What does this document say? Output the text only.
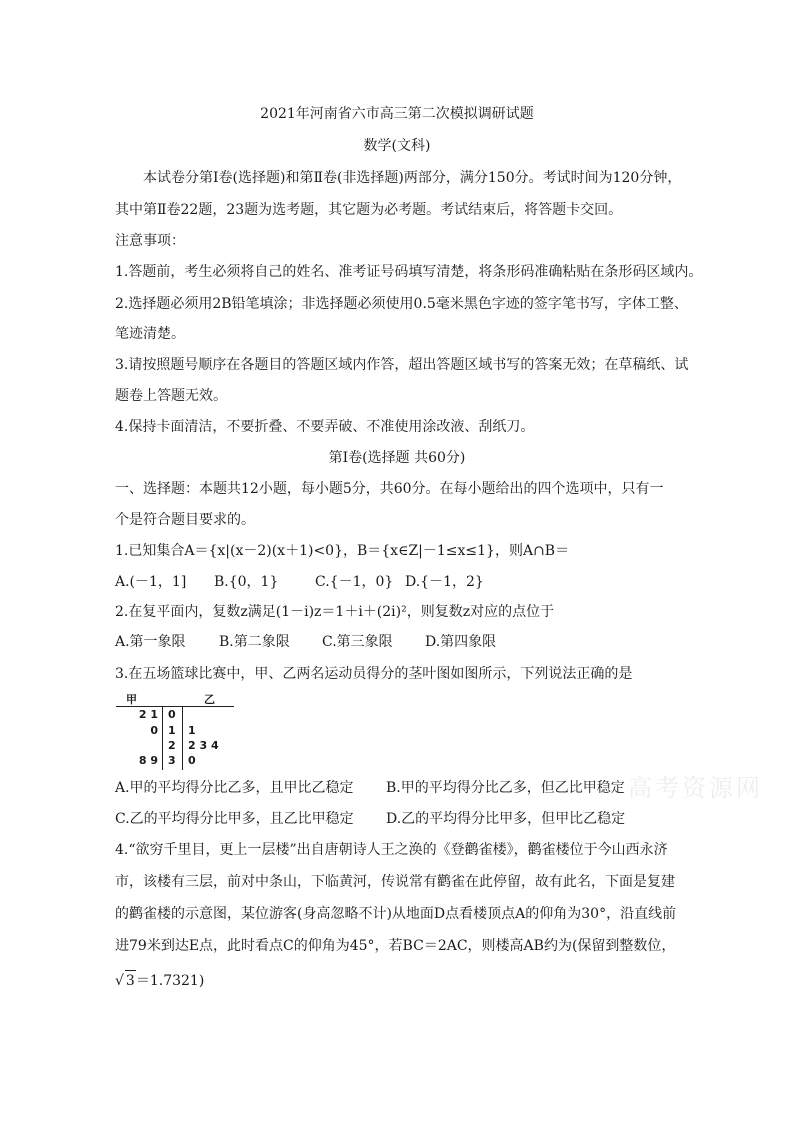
2021年河南省六市高三第二次模拟调研试题
数学(文科)
本试卷分第Ⅰ卷(选择题)和第Ⅱ卷(非选择题)两部分，满分150分。考试时间为120分钟，
其中第Ⅱ卷22题，23题为选考题，其它题为必考题。考试结束后，将答题卡交回。
注意事项：
1.答题前，考生必须将自己的姓名、准考证号码填写清楚，将条形码准确粘贴在条形码区域内。
2.选择题必须用2B铅笔填涂；非选择题必须使用0.5毫米黑色字迹的签字笔书写，字体工整、
笔迹清楚。
3.请按照题号顺序在各题目的答题区域内作答，超出答题区域书写的答案无效；在草稿纸、试
题卷上答题无效。
4.保持卡面清洁，不要折叠、不要弄破、不准使用涂改液、刮纸刀。
第Ⅰ卷(选择题 共60分)
一、选择题：本题共12小题，每小题5分，共60分。在每小题给出的四个选项中，只有一
个是符合题目要求的。
1.已知集合A＝{x|(x－2)(x＋1)<0}，B＝{x∈Z|－1≤x≤1}，则A∩B＝
A.(－1，1] B.{0，1}	C.{－1，0} D.{－1，2}
2.在复平面内，复数z满足(1－i)z＝1＋i＋(2i)²，则复数z对应的点位于
A.第一象限 B.第二象限 C.第三象限 D.第四象限
3.在五场篮球比赛中，甲、乙两名运动员得分的茎叶图如图所示，下列说法正确的是
甲	乙
2 1 0
0 1 1
2 2 3 4
8 9 3 0
A.甲的平均得分比乙多，且甲比乙稳定 B.甲的平均得分比乙多，但乙比甲稳定
C.乙的平均得分比甲多，且乙比甲稳定 D.乙的平均得分比甲多，但甲比乙稳定
高考资源网
4.“欲穷千里目，更上一层楼”出自唐朝诗人王之涣的《登鹳雀楼》，鹳雀楼位于今山西永济
市，该楼有三层，前对中条山，下临黄河，传说常有鹳雀在此停留，故有此名，下面是复建
的鹳雀楼的示意图，某位游客(身高忽略不计)从地面D点看楼顶点A的仰角为30°，沿直线前
进79米到达E点，此时看点C的仰角为45°，若BC＝2AC，则楼高AB约为(保留到整数位，
√ 3＝1.7321)
